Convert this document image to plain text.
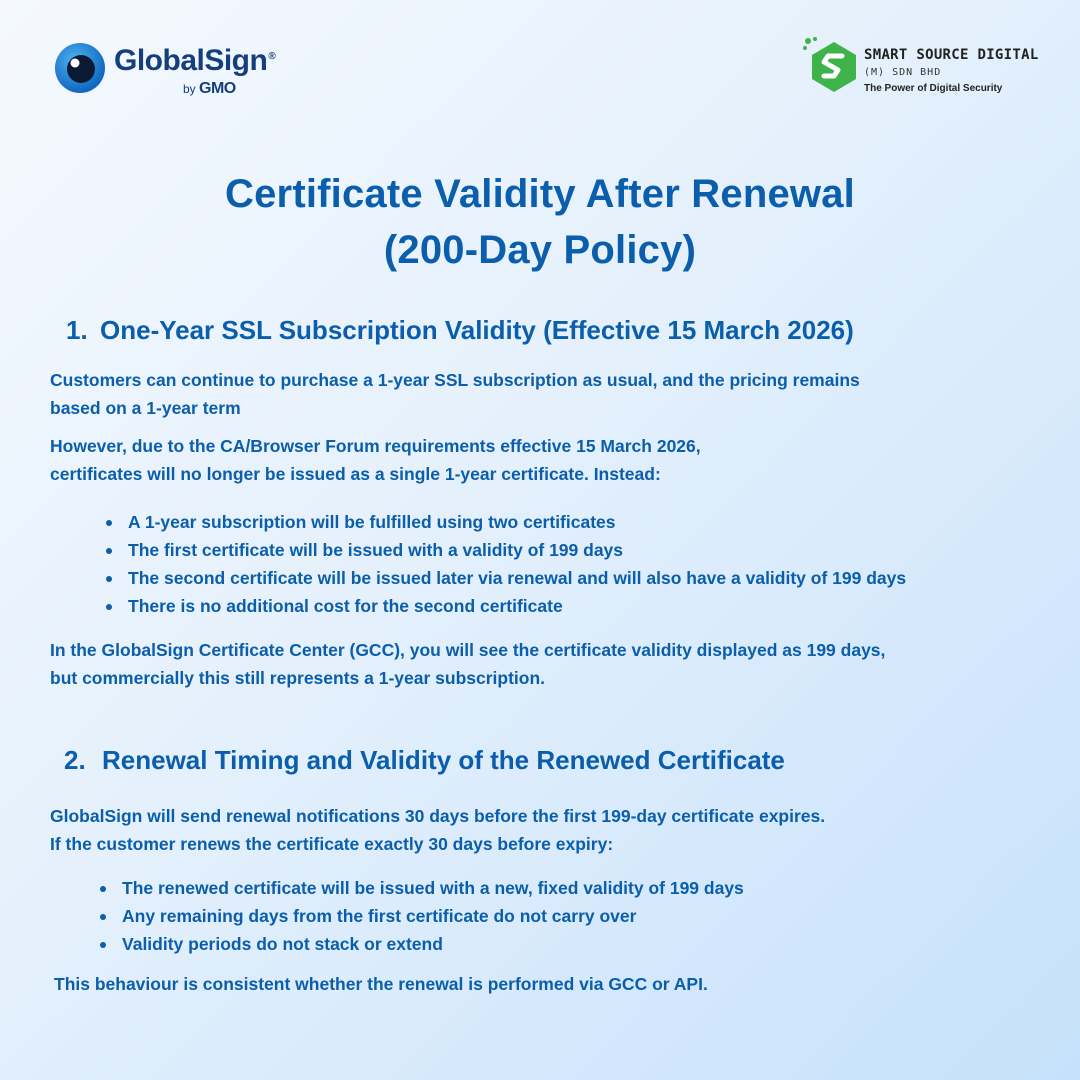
GlobalSign®
by GMO
SMART SOURCE DIGITAL
(M) SDN BHD
The Power of Digital Security
Certificate Validity After Renewal
(200-Day Policy)
1. One-Year SSL Subscription Validity (Effective 15 March 2026)
Customers can continue to purchase a 1-year SSL subscription as usual, and the pricing remains
based on a 1-year term
However, due to the CA/Browser Forum requirements effective 15 March 2026,
certificates will no longer be issued as a single 1-year certificate. Instead:
A 1-year subscription will be fulfilled using two certificates
The first certificate will be issued with a validity of 199 days
The second certificate will be issued later via renewal and will also have a validity of 199 days
There is no additional cost for the second certificate
In the GlobalSign Certificate Center (GCC), you will see the certificate validity displayed as 199 days,
but commercially this still represents a 1-year subscription.
2. Renewal Timing and Validity of the Renewed Certificate
GlobalSign will send renewal notifications 30 days before the first 199-day certificate expires.
If the customer renews the certificate exactly 30 days before expiry:
The renewed certificate will be issued with a new, fixed validity of 199 days
Any remaining days from the first certificate do not carry over
Validity periods do not stack or extend
This behaviour is consistent whether the renewal is performed via GCC or API.
